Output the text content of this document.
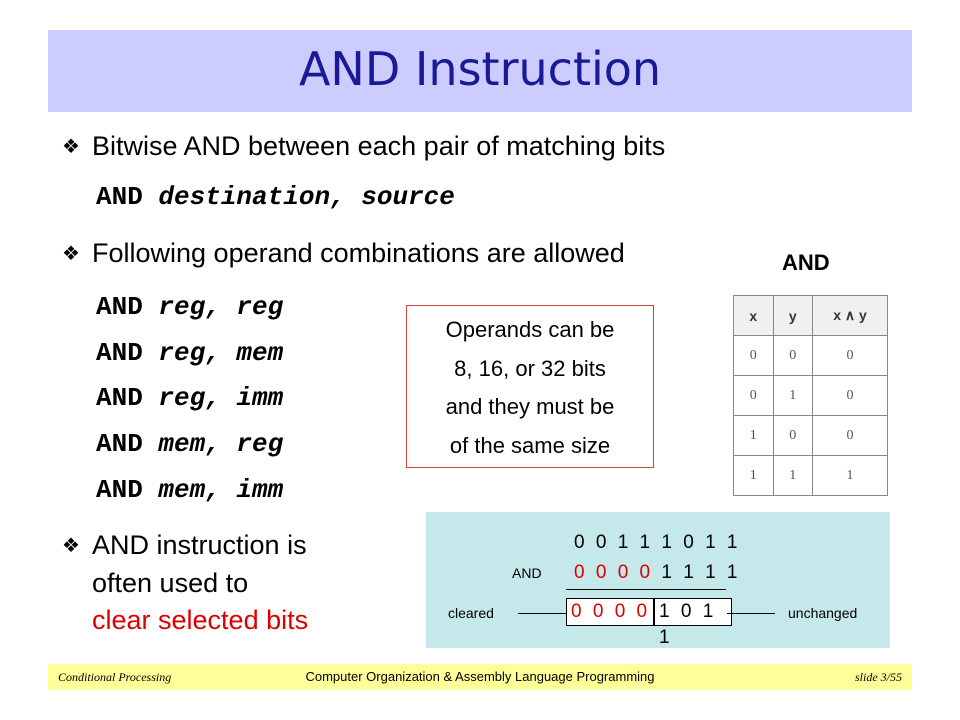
AND Instruction
❖ Bitwise AND between each pair of matching bits
AND destination, source
❖ Following operand combinations are allowed
AND reg, reg
AND reg, mem
AND reg, imm
AND mem, reg
AND mem, imm
Operands can be
8, 16, or 32 bits
and they must be
of the same size
AND
x	y	x ∧ y
0	0	0
0	1	0
1	0	0
1	1	1
❖ AND instruction is
often used to
clear selected bits
0 0 1 1 1 0 1 1
AND 0 0 0 0 1 1 1 1
cleared	0 0 0 0 1 0 1 1
unchanged
Conditional Processing	Computer Organization & Assembly Language Programming	slide 3/55
